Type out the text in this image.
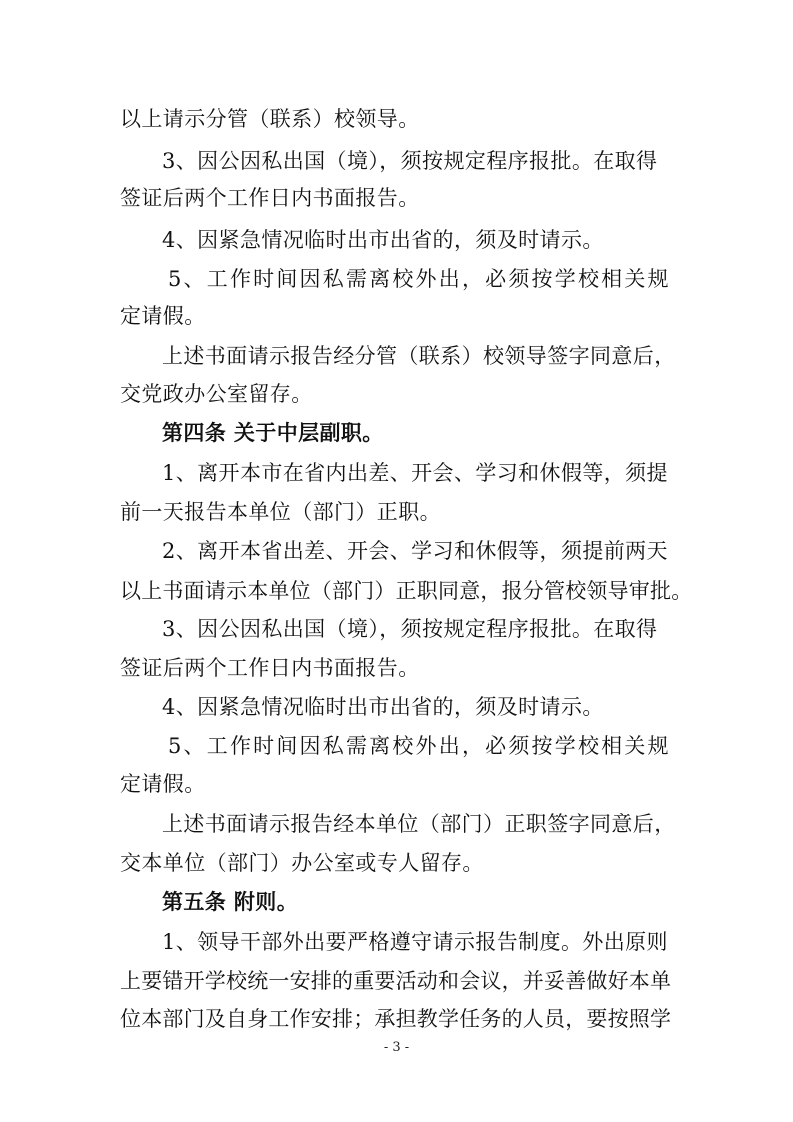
以上请示分管（联系）校领导。
3、因公因私出国（境），须按规定程序报批。在取得
签证后两个工作日内书面报告。
4、因紧急情况临时出市出省的，须及时请示。
5、工作时间因私需离校外出，必须按学校相关规
定请假。
上述书面请示报告经分管（联系）校领导签字同意后，
交党政办公室留存。
第四条 关于中层副职。
1、离开本市在省内出差、开会、学习和休假等，须提
前一天报告本单位（部门）正职。
2、离开本省出差、开会、学习和休假等，须提前两天
以上书面请示本单位（部门）正职同意，报分管校领导审批。
3、因公因私出国（境），须按规定程序报批。在取得
签证后两个工作日内书面报告。
4、因紧急情况临时出市出省的，须及时请示。
5、工作时间因私需离校外出，必须按学校相关规
定请假。
上述书面请示报告经本单位（部门）正职签字同意后，
交本单位（部门）办公室或专人留存。
第五条 附则。
1、领导干部外出要严格遵守请示报告制度。外出原则
上要错开学校统一安排的重要活动和会议，并妥善做好本单
位本部门及自身工作安排；承担教学任务的人员，要按照学
- 3 -
